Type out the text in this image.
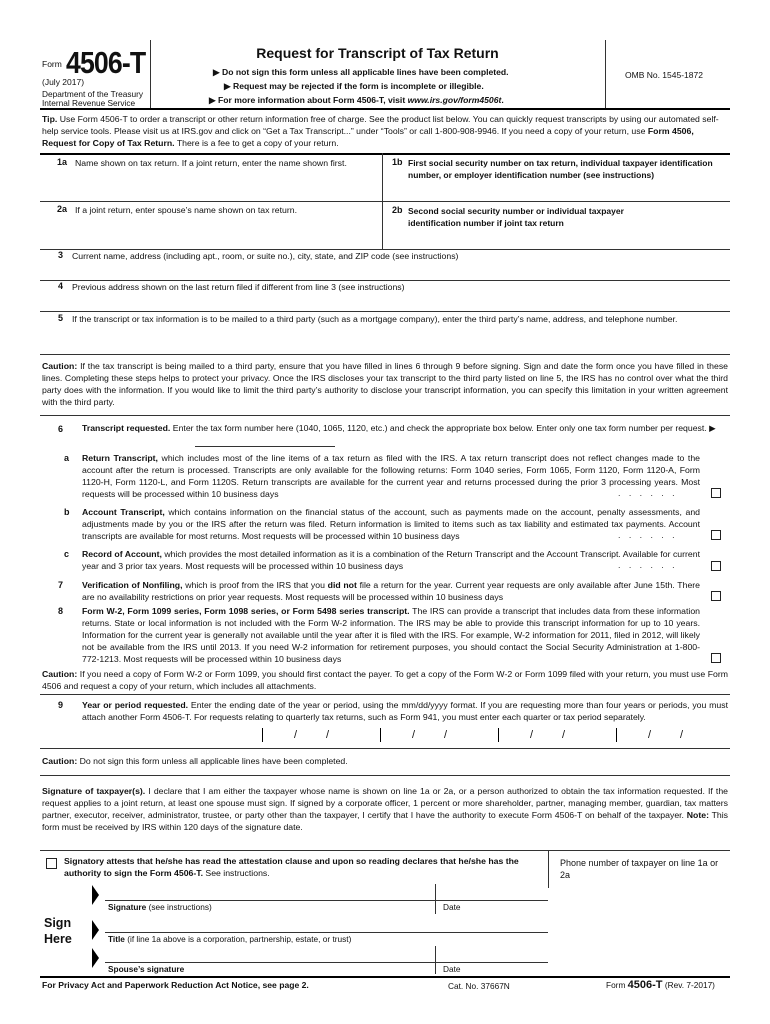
Form 4506-T
(July 2017)
Department of the Treasury
Internal Revenue Service
Request for Transcript of Tax Return
▶ Do not sign this form unless all applicable lines have been completed.
▶ Request may be rejected if the form is incomplete or illegible.
▶ For more information about Form 4506-T, visit www.irs.gov/form4506t.
OMB No. 1545-1872
Tip. Use Form 4506-T to order a transcript or other return information free of charge. See the product list below. You can quickly request transcripts by using our automated self-help service tools. Please visit us at IRS.gov and click on “Get a Tax Transcript...” under “Tools” or call 1-800-908-9946. If you need a copy of your return, use Form 4506, Request for Copy of Tax Return. There is a fee to get a copy of your return.
1a Name shown on tax return. If a joint return, enter the name shown first.	1b First social security number on tax return, individual taxpayer identification number, or employer identification number (see instructions)
2a If a joint return, enter spouse’s name shown on tax return.	2b Second social security number or individual taxpayer identification number if joint tax return
3 Current name, address (including apt., room, or suite no.), city, state, and ZIP code (see instructions)
4 Previous address shown on the last return filed if different from line 3 (see instructions)
5 If the transcript or tax information is to be mailed to a third party (such as a mortgage company), enter the third party’s name, address, and telephone number.
Caution: If the tax transcript is being mailed to a third party, ensure that you have filled in lines 6 through 9 before signing. Sign and date the form once you have filled in these lines. Completing these steps helps to protect your privacy. Once the IRS discloses your tax transcript to the third party listed on line 5, the IRS has no control over what the third party does with the information. If you would like to limit the third party’s authority to disclose your transcript information, you can specify this limitation in your written agreement with the third party.
6 Transcript requested. Enter the tax form number here (1040, 1065, 1120, etc.) and check the appropriate box below. Enter only one tax form number per request. ▶
a Return Transcript, which includes most of the line items of a tax return as filed with the IRS. A tax return transcript does not reflect changes made to the account after the return is processed. Transcripts are only available for the following returns: Form 1040 series, Form 1065, Form 1120, Form 1120-A, Form 1120-H, Form 1120-L, and Form 1120S. Return transcripts are available for the current year and returns processed during the prior 3 processing years. Most requests will be processed within 10 business days	. . . . . .
b Account Transcript, which contains information on the financial status of the account, such as payments made on the account, penalty assessments, and adjustments made by you or the IRS after the return was filed. Return information is limited to items such as tax liability and estimated tax payments. Account transcripts are available for most returns. Most requests will be processed within 10 business days	. . . . . .
c Record of Account, which provides the most detailed information as it is a combination of the Return Transcript and the Account Transcript. Available for current year and 3 prior tax years. Most requests will be processed within 10 business days	. . . . . .
7 Verification of Nonfiling, which is proof from the IRS that you did not file a return for the year. Current year requests are only available after June 15th. There are no availability restrictions on prior year requests. Most requests will be processed within 10 business days
8 Form W-2, Form 1099 series, Form 1098 series, or Form 5498 series transcript. The IRS can provide a transcript that includes data from these information returns. State or local information is not included with the Form W-2 information. The IRS may be able to provide this transcript information for up to 10 years. Information for the current year is generally not available until the year after it is filed with the IRS. For example, W-2 information for 2011, filed in 2012, will likely not be available from the IRS until 2013. If you need W-2 information for retirement purposes, you should contact the Social Security Administration at 1-800-772-1213. Most requests will be processed within 10 business days
Caution: If you need a copy of Form W-2 or Form 1099, you should first contact the payer. To get a copy of the Form W-2 or Form 1099 filed with your return, you must use Form 4506 and request a copy of your return, which includes all attachments.
9 Year or period requested. Enter the ending date of the year or period, using the mm/dd/yyyy format. If you are requesting more than four years or periods, you must attach another Form 4506-T. For requests relating to quarterly tax returns, such as Form 941, you must enter each quarter or tax period separately.
/	/	/	/	/	/	/	/
Caution: Do not sign this form unless all applicable lines have been completed.
Signature of taxpayer(s). I declare that I am either the taxpayer whose name is shown on line 1a or 2a, or a person authorized to obtain the tax information requested. If the request applies to a joint return, at least one spouse must sign. If signed by a corporate officer, 1 percent or more shareholder, partner, managing member, guardian, tax matters partner, executor, receiver, administrator, trustee, or party other than the taxpayer, I certify that I have the authority to execute Form 4506-T on behalf of the taxpayer. Note: This form must be received by IRS within 120 days of the signature date.
Signatory attests that he/she has read the attestation clause and upon so reading declares that he/she has the authority to sign the Form 4506-T. See instructions.
Phone number of taxpayer on line 1a or 2a
Sign Here
Signature (see instructions)	Date
Title (if line 1a above is a corporation, partnership, estate, or trust)
Spouse’s signature	Date
For Privacy Act and Paperwork Reduction Act Notice, see page 2.	Cat. No. 37667N	Form 4506-T (Rev. 7-2017)
